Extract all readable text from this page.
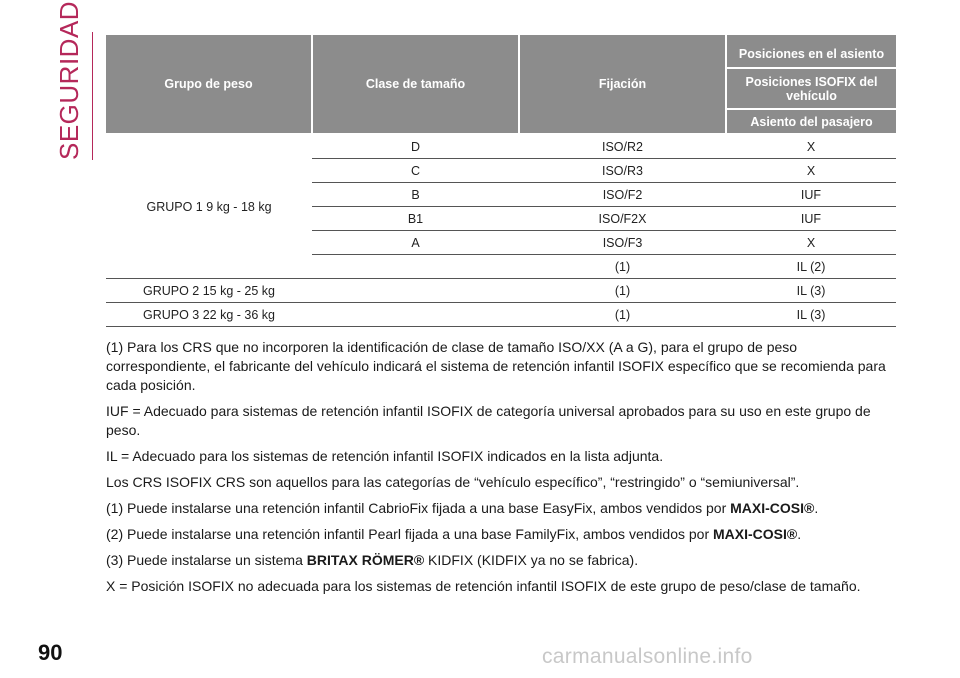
SEGURIDAD	Grupo de peso	Clase de tamaño	Fijación	Posiciones en el asiento
			Posiciones ISOFIX del vehículo
			Asiento del pasajero
GRUPO 1 9 kg - 18 kg	D	ISO/R2	X
	C	ISO/R3	X
	B	ISO/F2	IUF
	B1	ISO/F2X	IUF
	A	ISO/F3	X
		(1)	IL (2)
GRUPO 2 15 kg - 25 kg		(1)	IL (3)
GRUPO 3 22 kg - 36 kg		(1)	IL (3)

(1) Para los CRS que no incorporen la identificación de clase de tamaño ISO/XX (A a G), para el grupo de peso correspondiente, el fabricante del vehículo indicará el sistema de retención infantil ISOFIX específico que se recomienda para cada posición.

IUF = Adecuado para sistemas de retención infantil ISOFIX de categoría universal aprobados para su uso en este grupo de peso.

IL = Adecuado para los sistemas de retención infantil ISOFIX indicados en la lista adjunta.

Los CRS ISOFIX CRS son aquellos para las categorías de “vehículo específico”, “restringido” o “semiuniversal”.

(1) Puede instalarse una retención infantil CabrioFix fijada a una base EasyFix, ambos vendidos por MAXI-COSI®.

(2) Puede instalarse una retención infantil Pearl fijada a una base FamilyFix, ambos vendidos por MAXI-COSI®.

(3) Puede instalarse un sistema BRITAX RÖMER® KIDFIX (KIDFIX ya no se fabrica).

X = Posición ISOFIX no adecuada para los sistemas de retención infantil ISOFIX de este grupo de peso/clase de tamaño.

90	carmanualsonline.info
